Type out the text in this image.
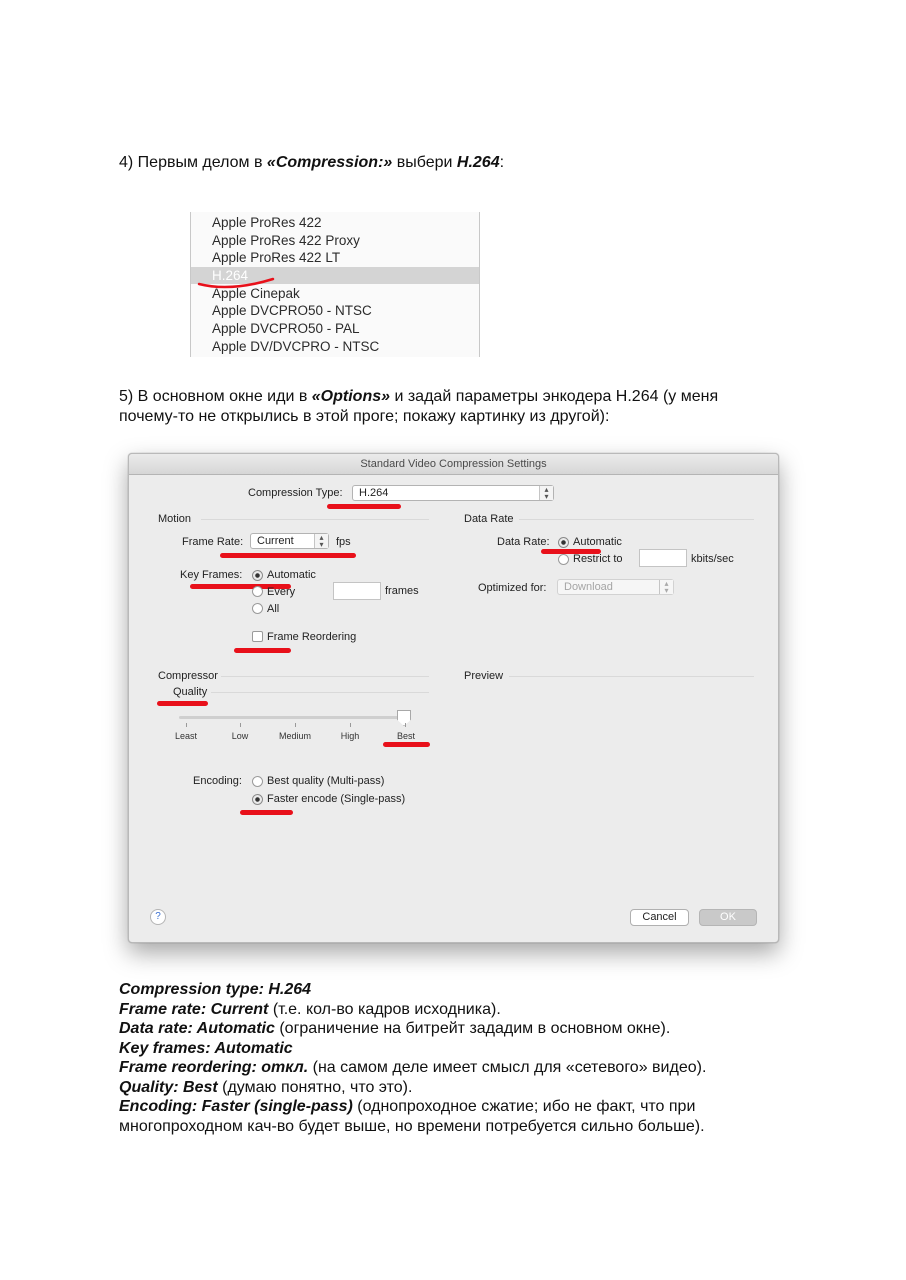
4) Первым делом в «Compression:» выбери H.264:
Apple ProRes 422
Apple ProRes 422 Proxy
Apple ProRes 422 LT
H.264
Apple Cinepak
Apple DVCPRO50 - NTSC
Apple DVCPRO50 - PAL
Apple DV/DVCPRO - NTSC
5) В основном окне иди в «Options» и задай параметры энкодера H.264 (у меня
почему-то не открылись в этой проге; покажу картинку из другой):
Standard Video Compression Settings
Compression Type:	H.264	▴
▾
Motion
Frame Rate:	Current	▴
▾	fps
Key Frames: Automatic
Every	frames
All
Frame Reordering
Data Rate
Data Rate: Automatic
Restrict to	kbits/sec
Optimized for:	Download	▴
▾
Compressor
Quality
Least	Low	Medium	High	Best
Encoding: Best quality (Multi-pass)
Faster encode (Single-pass)
Preview
?	Cancel	OK
Compression type: H.264
Frame rate: Current (т.е. кол-во кадров исходника).
Data rate: Automatic (ограничение на битрейт зададим в основном окне).
Key frames: Automatic
Frame reordering: откл. (на самом деле имеет смысл для «сетевого» видео).
Quality: Best (думаю понятно, что это).
Encoding: Faster (single-pass) (однопроходное сжатие; ибо не факт, что при
многопроходном кач-во будет выше, но времени потребуется сильно больше).
